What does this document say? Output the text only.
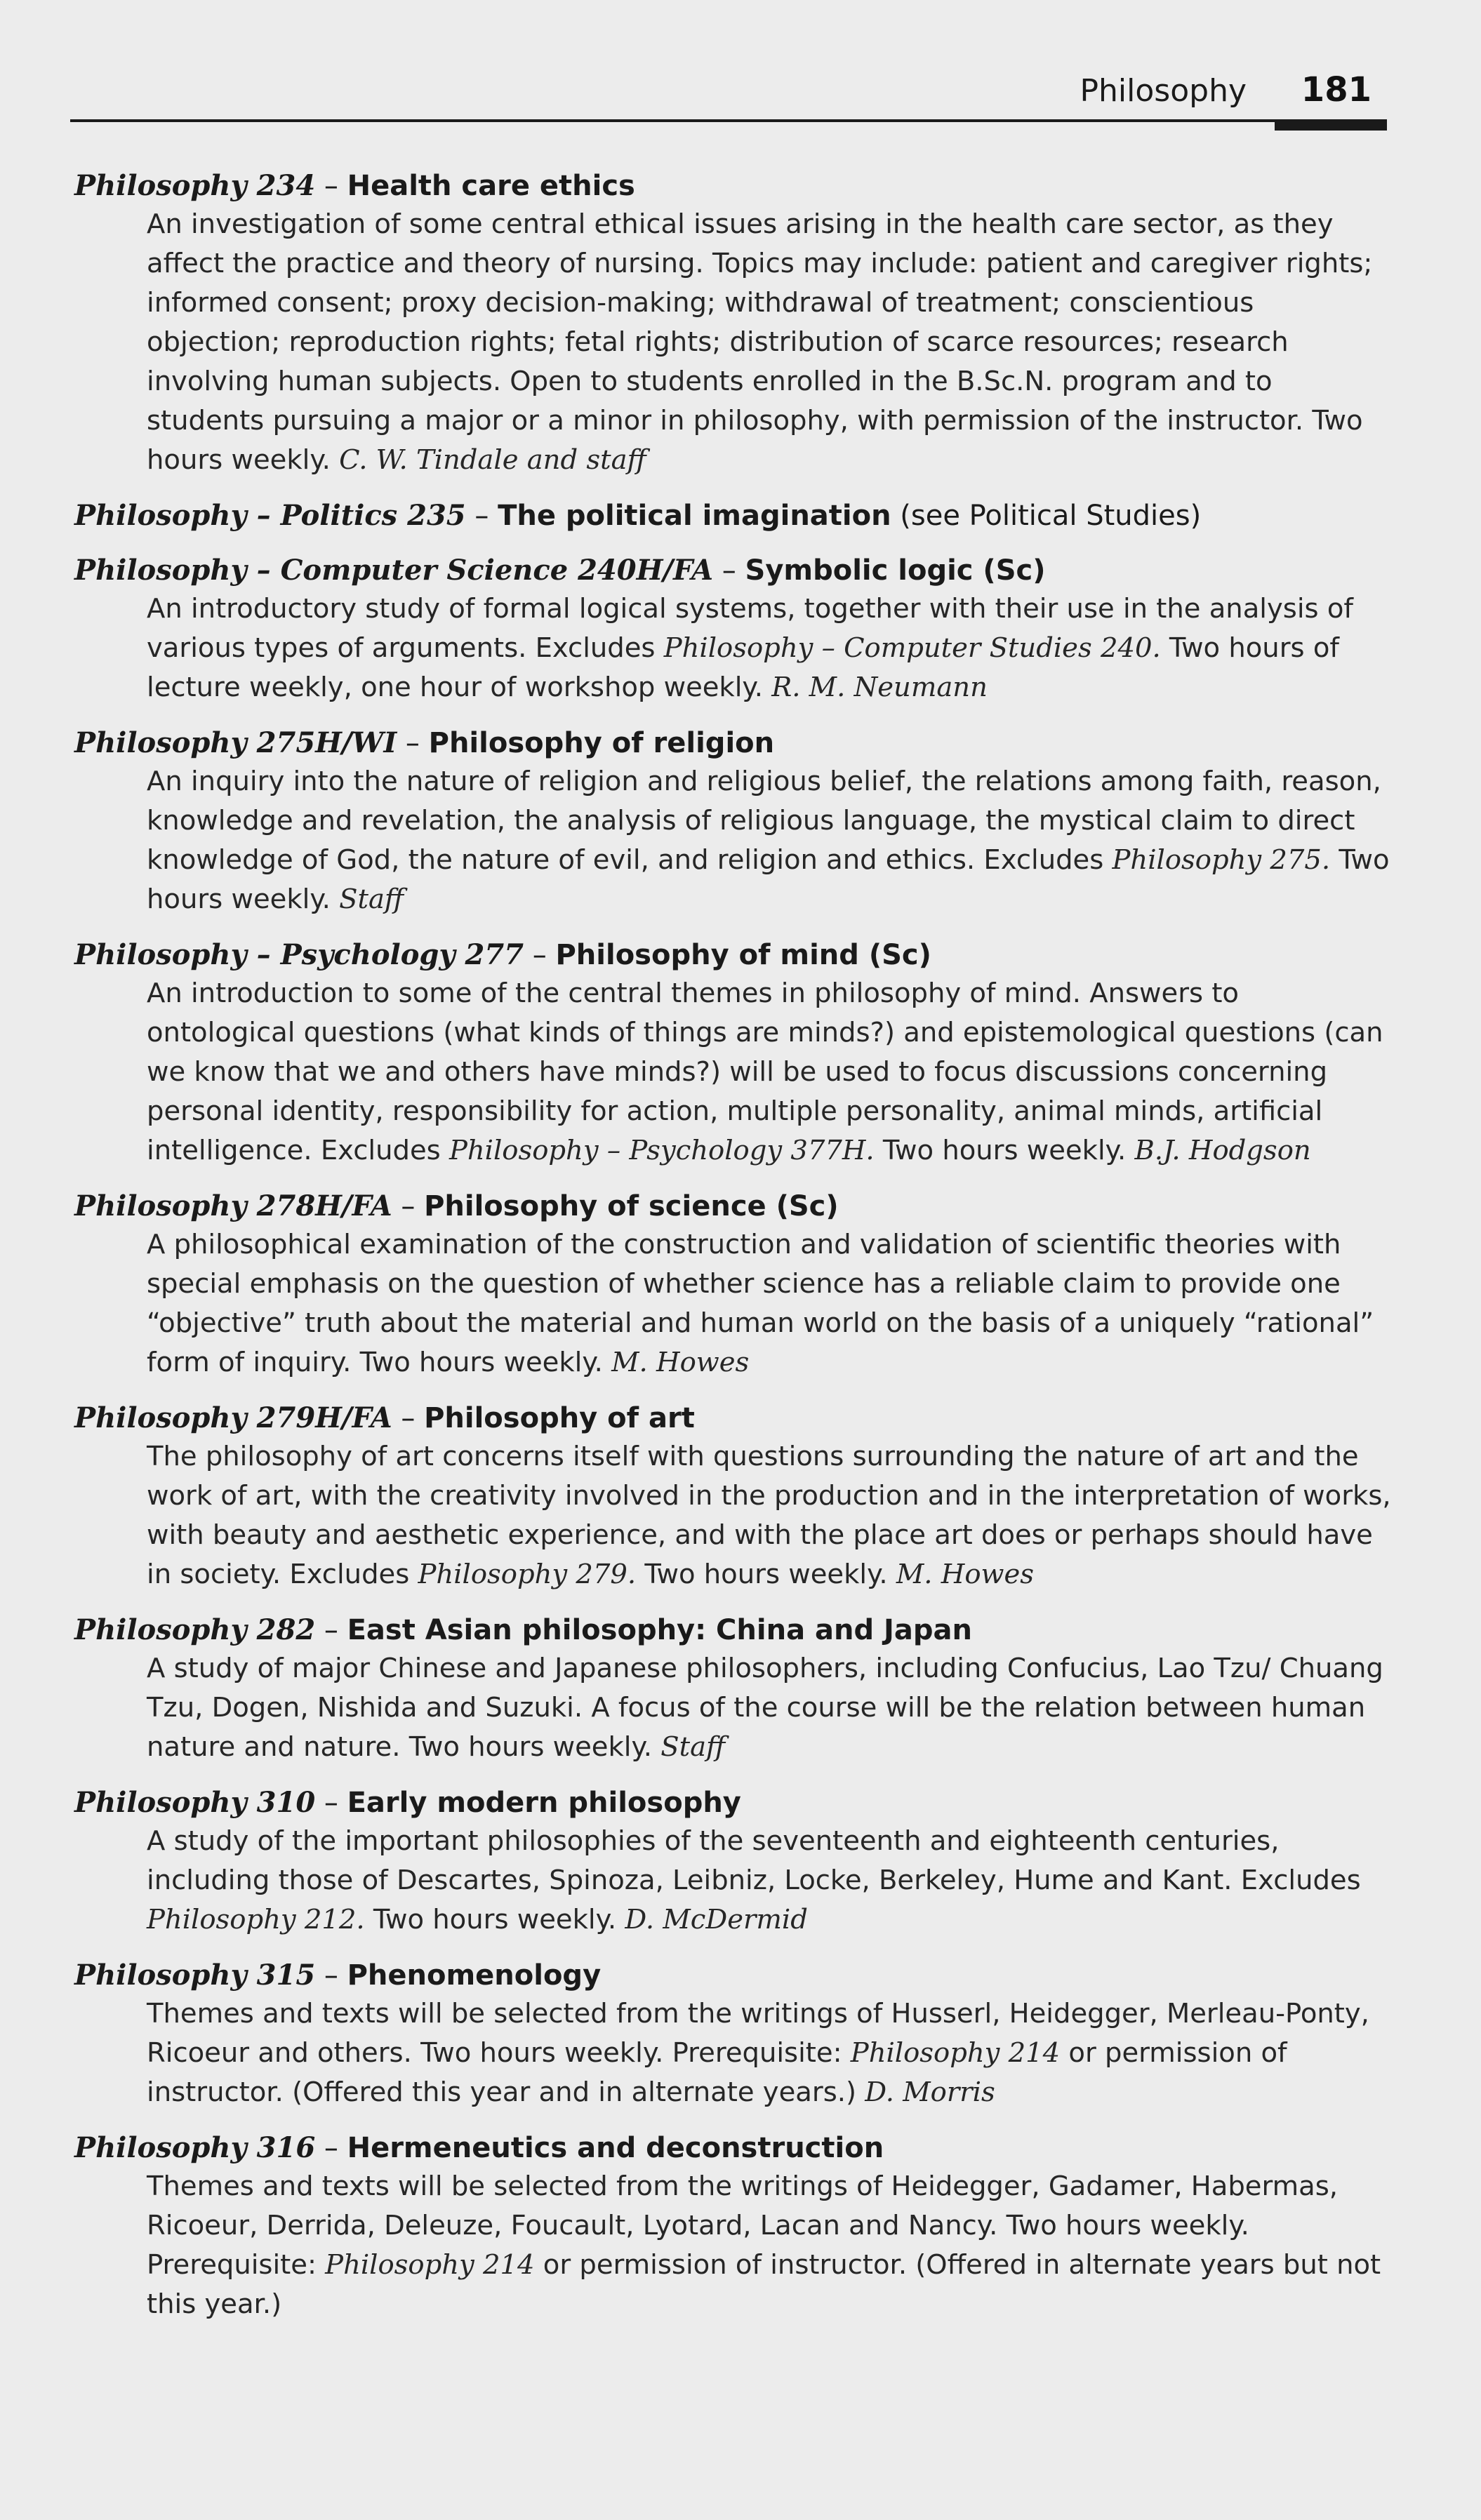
Philosophy 181

Philosophy 234 – Health care ethics

An investigation of some central ethical issues arising in the health care sector, as they affect the practice and theory of nursing. Topics may include: patient and caregiver rights; informed consent; proxy decision-making; withdrawal of treatment; conscientious objection; reproduction rights; fetal rights; distribution of scarce resources; research involving human subjects. Open to students enrolled in the B.Sc.N. program and to students pursuing a major or a minor in philosophy, with permission of the instructor. Two hours weekly. C. W. Tindale and staff

Philosophy – Politics 235 – The political imagination (see Political Studies)

Philosophy – Computer Science 240H/FA – Symbolic logic (Sc)

An introductory study of formal logical systems, together with their use in the analysis of various types of arguments. Excludes Philosophy – Computer Studies 240. Two hours of lecture weekly, one hour of workshop weekly. R. M. Neumann

Philosophy 275H/WI – Philosophy of religion

An inquiry into the nature of religion and religious belief, the relations among faith, reason, knowledge and revelation, the analysis of religious language, the mystical claim to direct knowledge of God, the nature of evil, and religion and ethics. Excludes Philosophy 275. Two hours weekly. Staff

Philosophy – Psychology 277 – Philosophy of mind (Sc)

An introduction to some of the central themes in philosophy of mind. Answers to ontological questions (what kinds of things are minds?) and epistemological questions (can we know that we and others have minds?) will be used to focus discussions concerning personal identity, responsibility for action, multiple personality, animal minds, artificial intelligence. Excludes Philosophy – Psychology 377H. Two hours weekly. B.J. Hodgson

Philosophy 278H/FA – Philosophy of science (Sc)

A philosophical examination of the construction and validation of scientific theories with special emphasis on the question of whether science has a reliable claim to provide one “objective” truth about the material and human world on the basis of a uniquely “rational” form of inquiry. Two hours weekly. M. Howes

Philosophy 279H/FA – Philosophy of art

The philosophy of art concerns itself with questions surrounding the nature of art and the work of art, with the creativity involved in the production and in the interpretation of works, with beauty and aesthetic experience, and with the place art does or perhaps should have in society. Excludes Philosophy 279. Two hours weekly. M. Howes

Philosophy 282 – East Asian philosophy: China and Japan

A study of major Chinese and Japanese philosophers, including Confucius, Lao Tzu/ Chuang Tzu, Dogen, Nishida and Suzuki. A focus of the course will be the relation between human nature and nature. Two hours weekly. Staff

Philosophy 310 – Early modern philosophy

A study of the important philosophies of the seventeenth and eighteenth centuries, including those of Descartes, Spinoza, Leibniz, Locke, Berkeley, Hume and Kant. Excludes Philosophy 212. Two hours weekly. D. McDermid

Philosophy 315 – Phenomenology

Themes and texts will be selected from the writings of Husserl, Heidegger, Merleau-Ponty, Ricoeur and others. Two hours weekly. Prerequisite: Philosophy 214 or permission of instructor. (Offered this year and in alternate years.) D. Morris

Philosophy 316 – Hermeneutics and deconstruction

Themes and texts will be selected from the writings of Heidegger, Gadamer, Habermas, Ricoeur, Derrida, Deleuze, Foucault, Lyotard, Lacan and Nancy. Two hours weekly. Prerequisite: Philosophy 214 or permission of instructor. (Offered in alternate years but not this year.)
